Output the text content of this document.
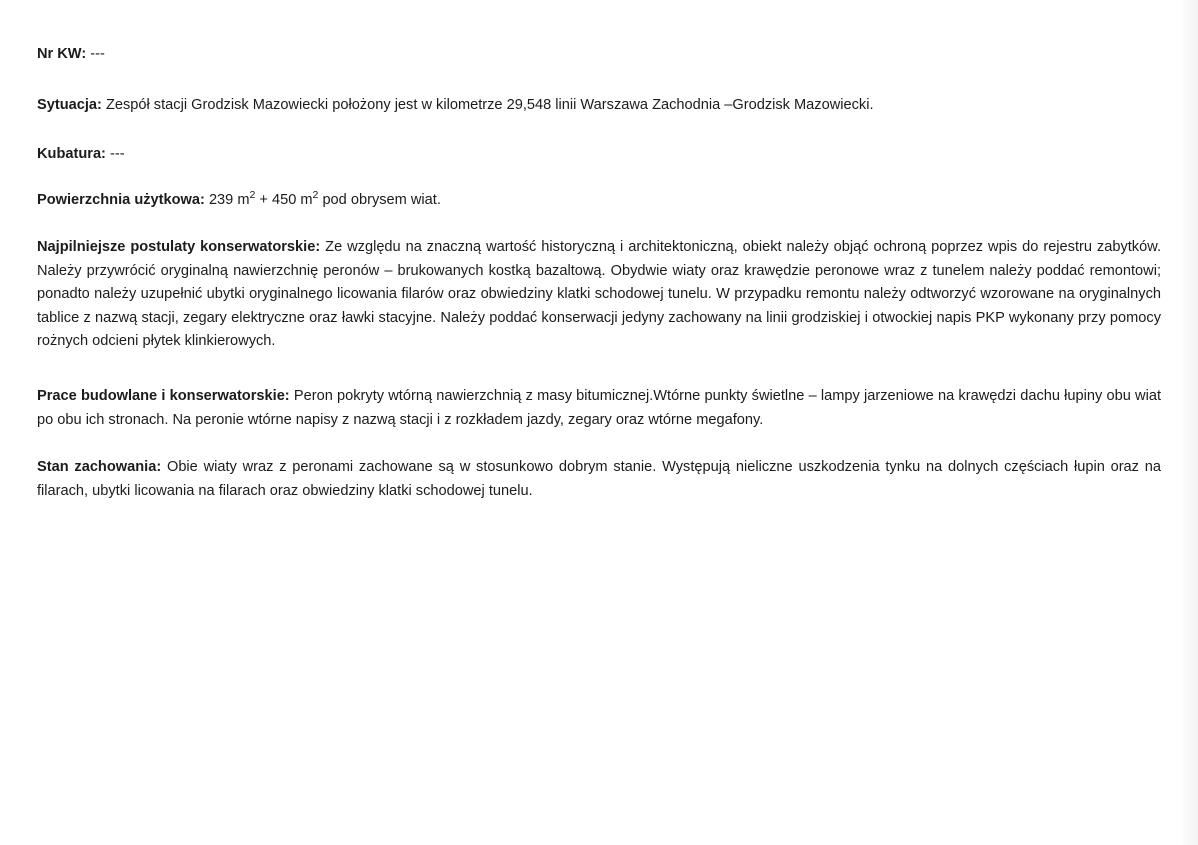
Nr KW: ---

Sytuacja: Zespół stacji Grodzisk Mazowiecki położony jest w kilometrze 29,548 linii Warszawa Zachodnia –Grodzisk Mazowiecki.

Kubatura: ---

Powierzchnia użytkowa: 239 $m^2 + 450$ $m^2$ pod obrysem wiat.

Najpilniejsze postulaty konserwatorskie: Ze względu na znaczną wartość historyczną i architektoniczną, obiekt należy objąć ochroną poprzez wpis do rejestru zabytków. Należy przywrócić oryginalną nawierzchnię peronów – brukowanych kostką bazaltową. Obydwie wiaty oraz krawędzie peronowe wraz z tunelem należy poddać remontowi; ponadto należy uzupełnić ubytki oryginalnego licowania filarów oraz obwiedziny klatki schodowej tunelu. W przypadku remontu należy odtworzyć wzorowane na oryginalnych tablice z nazwą stacji, zegary elektryczne oraz ławki stacyjne. Należy poddać konserwacji jedyny zachowany na linii grodziskiej i otwockiej napis PKP wykonany przy pomocy rożnych odcieni płytek klinkierowych.

Prace budowlane i konserwatorskie: Peron pokryty wtórną nawierzchnią z masy bitumicznej.Wtórne punkty świetlne – lampy jarzeniowe na krawędzi dachu łupiny obu wiat po obu ich stronach. Na peronie wtórne napisy z nazwą stacji i z rozkładem jazdy, zegary oraz wtórne megafony.

Stan zachowania: Obie wiaty wraz z peronami zachowane są w stosunkowo dobrym stanie. Występują nieliczne uszkodzenia tynku na dolnych częściach łupin oraz na filarach, ubytki licowania na filarach oraz obwiedziny klatki schodowej tunelu.
